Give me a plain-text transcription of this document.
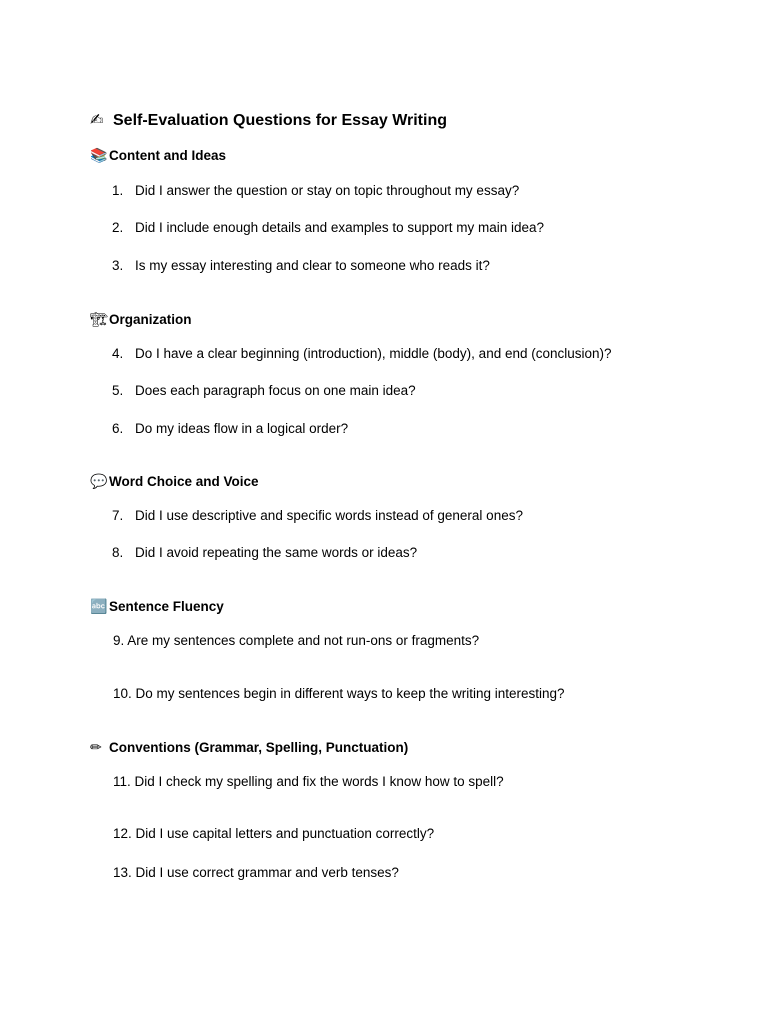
✍ Self-Evaluation Questions for Essay Writing
📚 Content and Ideas
1. Did I answer the question or stay on topic throughout my essay?
2. Did I include enough details and examples to support my main idea?
3. Is my essay interesting and clear to someone who reads it?
🏗Organization
4. Do I have a clear beginning (introduction), middle (body), and end (conclusion)?
5. Does each paragraph focus on one main idea?
6. Do my ideas flow in a logical order?
💬 Word Choice and Voice
7. Did I use descriptive and specific words instead of general ones?
8. Did I avoid repeating the same words or ideas?
🔤 Sentence Fluency
9. Are my sentences complete and not run-ons or fragments?
10. Do my sentences begin in different ways to keep the writing interesting?
✏ Conventions (Grammar, Spelling, Punctuation)
11. Did I check my spelling and fix the words I know how to spell?
12. Did I use capital letters and punctuation correctly?
13. Did I use correct grammar and verb tenses?
